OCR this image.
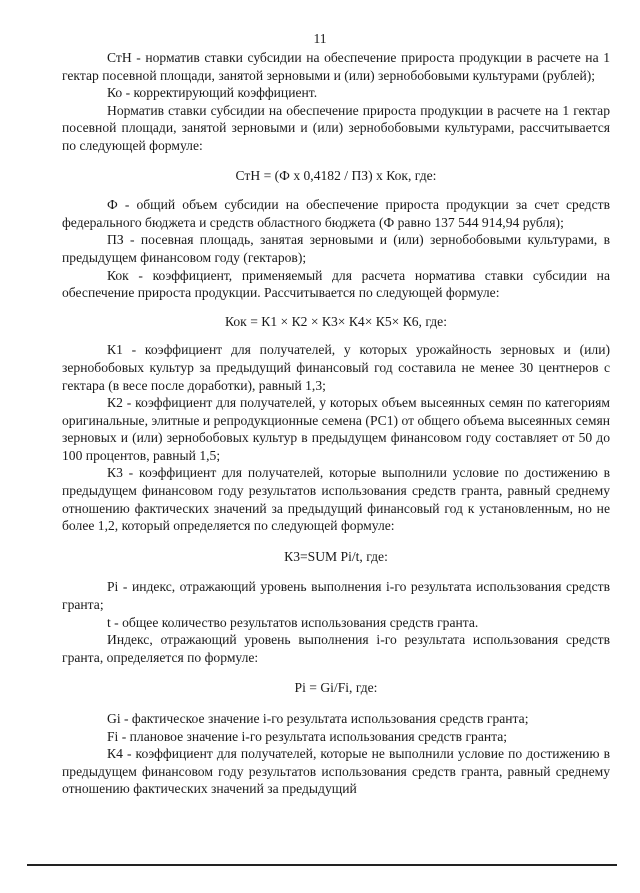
11

СтН - норматив ставки субсидии на обеспечение прироста продукции в расчете на 1 гектар посевной площади, занятой зерновыми и (или) зернобобовыми культурами (рублей);

Ко - корректирующий коэффициент.

Норматив ставки субсидии на обеспечение прироста продукции в расчете на 1 гектар посевной площади, занятой зерновыми и (или) зернобобовыми культурами, рассчитывается по следующей формуле:

СтН = (Ф х 0,4182 / ПЗ) х Кок, где:

Ф - общий объем субсидии на обеспечение прироста продукции за счет средств федерального бюджета и средств областного бюджета (Ф равно 137 544 914,94 рубля);

ПЗ - посевная площадь, занятая зерновыми и (или) зернобобовыми культурами, в предыдущем финансовом году (гектаров);

Кок - коэффициент, применяемый для расчета норматива ставки субсидии на обеспечение прироста продукции. Рассчитывается по следующей формуле:

Кок = К1 × К2 × К3× К4× К5× К6, где:

К1 - коэффициент для получателей, у которых урожайность зерновых и (или) зернобобовых культур за предыдущий финансовый год составила не менее 30 центнеров с гектара (в весе после доработки), равный 1,3;

К2 - коэффициент для получателей, у которых объем высеянных семян по категориям оригинальные, элитные и репродукционные семена (РС1) от общего объема высеянных семян зерновых и (или) зернобобовых культур в предыдущем финансовом году составляет от 50 до 100 процентов, равный 1,5;

К3 - коэффициент для получателей, которые выполнили условие по достижению в предыдущем финансовом году результатов использования средств гранта, равный среднему отношению фактических значений за предыдущий финансовый год к установленным, но не более 1,2, который определяется по следующей формуле:

К3=SUM Pi/t, где:

Pi - индекс, отражающий уровень выполнения i-го результата использования средств гранта;

t - общее количество результатов использования средств гранта.

Индекс, отражающий уровень выполнения i-го результата использования средств гранта, определяется по формуле:

Pi = Gi/Fi, где:

Gi - фактическое значение i-го результата использования средств гранта;

Fi - плановое значение i-го результата использования средств гранта;

К4 - коэффициент для получателей, которые не выполнили условие по достижению в предыдущем финансовом году результатов использования средств гранта, равный среднему отношению фактических значений за предыдущий
